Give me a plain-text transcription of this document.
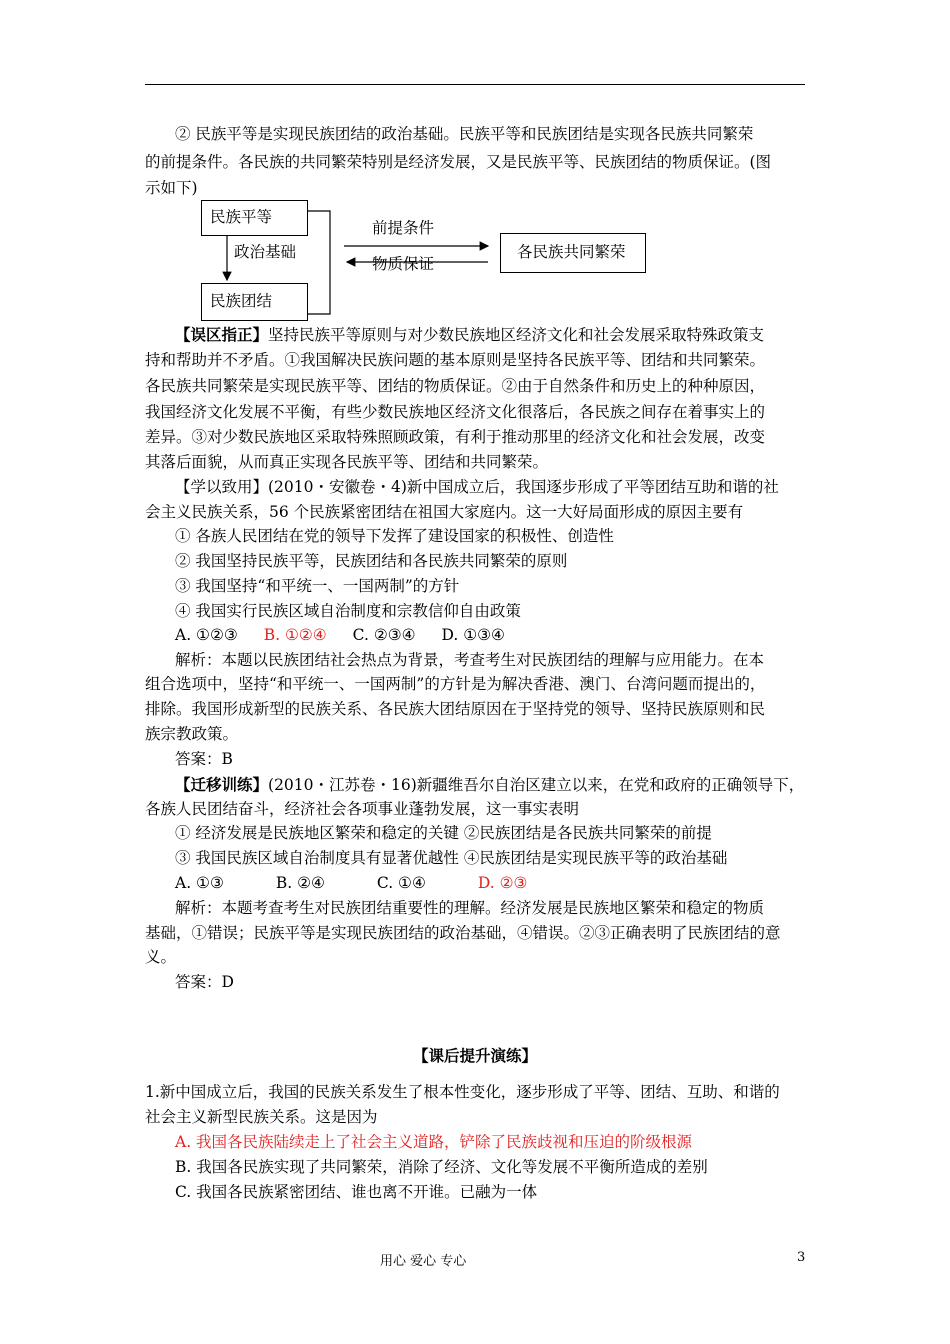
② 民族平等是实现民族团结的政治基础。民族平等和民族团结是实现各民族共同繁荣
的前提条件。各民族的共同繁荣特别是经济发展，又是民族平等、民族团结的物质保证。(图
示如下)
民族平等
民族团结
各民族共同繁荣
政治基础
前提条件
物质保证
【误区指正】坚持民族平等原则与对少数民族地区经济文化和社会发展采取特殊政策支
持和帮助并不矛盾。①我国解决民族问题的基本原则是坚持各民族平等、团结和共同繁荣。
各民族共同繁荣是实现民族平等、团结的物质保证。②由于自然条件和历史上的种种原因，
我国经济文化发展不平衡，有些少数民族地区经济文化很落后，各民族之间存在着事实上的
差异。③对少数民族地区采取特殊照顾政策，有利于推动那里的经济文化和社会发展，改变
其落后面貌，从而真正实现各民族平等、团结和共同繁荣。
【学以致用】(2010・安徽卷・4)新中国成立后，我国逐步形成了平等团结互助和谐的社
会主义民族关系，56 个民族紧密团结在祖国大家庭内。这一大好局面形成的原因主要有
① 各族人民团结在党的领导下发挥了建设国家的积极性、创造性
② 我国坚持民族平等，民族团结和各民族共同繁荣的原则
③ 我国坚持“和平统一、一国两制”的方针
④ 我国实行民族区域自治制度和宗教信仰自由政策
A. ①②③ B. ①②④ C. ②③④ D. ①③④
解析：本题以民族团结社会热点为背景，考查考生对民族团结的理解与应用能力。在本
组合选项中，坚持“和平统一、一国两制”的方针是为解决香港、澳门、台湾问题而提出的，
排除。我国形成新型的民族关系、各民族大团结原因在于坚持党的领导、坚持民族原则和民
族宗教政策。
答案：B
【迁移训练】(2010・江苏卷・16)新疆维吾尔自治区建立以来，在党和政府的正确领导下，
各族人民团结奋斗，经济社会各项事业蓬勃发展，这一事实表明
① 经济发展是民族地区繁荣和稳定的关键 ②民族团结是各民族共同繁荣的前提
③ 我国民族区域自治制度具有显著优越性 ④民族团结是实现民族平等的政治基础
A. ①③	B. ②④	C. ①④	D. ②③
解析：本题考查考生对民族团结重要性的理解。经济发展是民族地区繁荣和稳定的物质
基础，①错误；民族平等是实现民族团结的政治基础，④错误。②③正确表明了民族团结的意
义。
答案：D
【课后提升演练】
1.新中国成立后，我国的民族关系发生了根本性变化，逐步形成了平等、团结、互助、和谐的
社会主义新型民族关系。这是因为
A. 我国各民族陆续走上了社会主义道路，铲除了民族歧视和压迫的阶级根源
B. 我国各民族实现了共同繁荣，消除了经济、文化等发展不平衡所造成的差别
C. 我国各民族紧密团结、谁也离不开谁。已融为一体
用心 爱心 专心	3
